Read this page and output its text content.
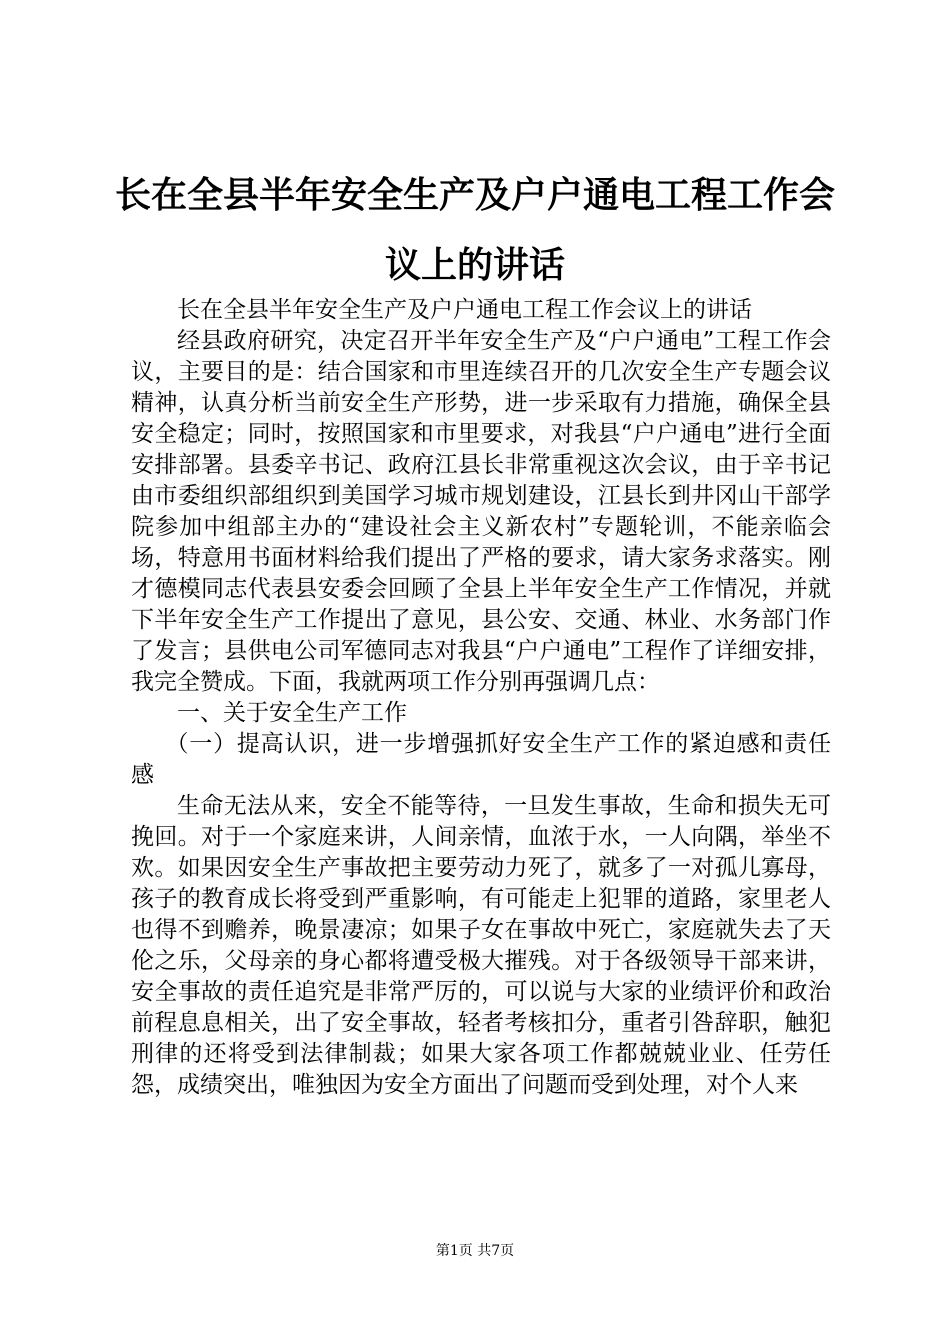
长在全县半年安全生产及户户通电工程工作会议上的讲话

长在全县半年安全生产及户户通电工程工作会议上的讲话

经县政府研究，决定召开半年安全生产及“户户通电”工程工作会议，主要目的是：结合国家和市里连续召开的几次安全生产专题会议精神，认真分析当前安全生产形势，进一步采取有力措施，确保全县安全稳定；同时，按照国家和市里要求，对我县“户户通电”进行全面安排部署。县委辛书记、政府江县长非常重视这次会议，由于辛书记由市委组织部组织到美国学习城市规划建设，江县长到井冈山干部学院参加中组部主办的“建设社会主义新农村”专题轮训，不能亲临会场，特意用书面材料给我们提出了严格的要求，请大家务求落实。刚才德模同志代表县安委会回顾了全县上半年安全生产工作情况，并就下半年安全生产工作提出了意见，县公安、交通、林业、水务部门作了发言；县供电公司军德同志对我县“户户通电”工程作了详细安排，我完全赞成。下面，我就两项工作分别再强调几点：

一、关于安全生产工作

（一）提高认识，进一步增强抓好安全生产工作的紧迫感和责任感

生命无法从来，安全不能等待，一旦发生事故，生命和损失无可挽回。对于一个家庭来讲，人间亲情，血浓于水，一人向隅，举坐不欢。如果因安全生产事故把主要劳动力死了，就多了一对孤儿寡母，孩子的教育成长将受到严重影响，有可能走上犯罪的道路，家里老人也得不到赡养，晚景凄凉；如果子女在事故中死亡，家庭就失去了天伦之乐，父母亲的身心都将遭受极大摧残。对于各级领导干部来讲，安全事故的责任追究是非常严厉的，可以说与大家的业绩评价和政治前程息息相关，出了安全事故，轻者考核扣分，重者引咎辞职，触犯刑律的还将受到法律制裁；如果大家各项工作都兢兢业业、任劳任怨，成绩突出，唯独因为安全方面出了问题而受到处理，对个人来

第1页 共7页
